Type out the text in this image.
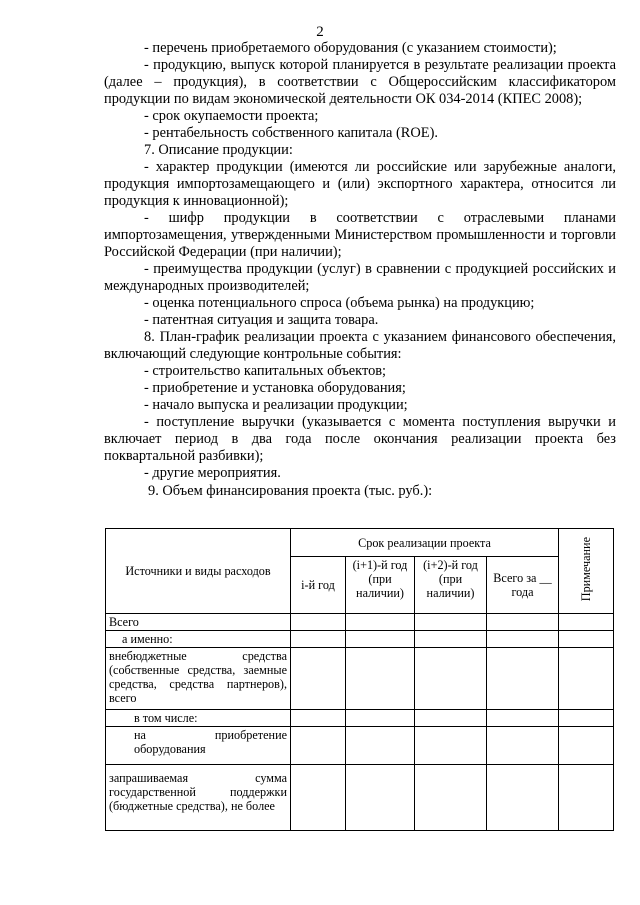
2

- перечень приобретаемого оборудования (с указанием стоимости);

- продукцию, выпуск которой планируется в результате реализации проекта (далее – продукция), в соответствии с Общероссийским классификатором продукции по видам экономической деятельности ОК 034-2014 (КПЕС 2008);

- срок окупаемости проекта;

- рентабельность собственного капитала (ROE).

7. Описание продукции:

- характер продукции (имеются ли российские или зарубежные аналоги, продукция импортозамещающего и (или) экспортного характера, относится ли продукция к инновационной);

- шифр продукции в соответствии с отраслевыми планами импортозамещения, утвержденными Министерством промышленности и торговли Российской Федерации (при наличии);

- преимущества продукции (услуг) в сравнении с продукцией российских и международных производителей;

- оценка потенциального спроса (объема рынка) на продукцию;

- патентная ситуация и защита товара.

8. План-график реализации проекта с указанием финансового обеспечения, включающий следующие контрольные события:

- строительство капитальных объектов;

- приобретение и установка оборудования;

- начало выпуска и реализации продукции;

- поступление выручки (указывается с момента поступления выручки и включает период в два года после окончания реализации проекта без поквартальной разбивки);

- другие мероприятия.

9. Объем финансирования проекта (тыс. руб.):

Источники и виды расходов	Срок реализации проекта				Примечание
	i-й год	(i+1)-й год (при наличии)	(i+2)-й год (при наличии)	Всего за __ года	
Всего					
а именно:					
внебюджетные средства (собственные средства, заемные средства, средства партнеров), всего					
в том числе:					
на приобретение оборудования					
запрашиваемая сумма государственной поддержки (бюджетные средства), не более					
